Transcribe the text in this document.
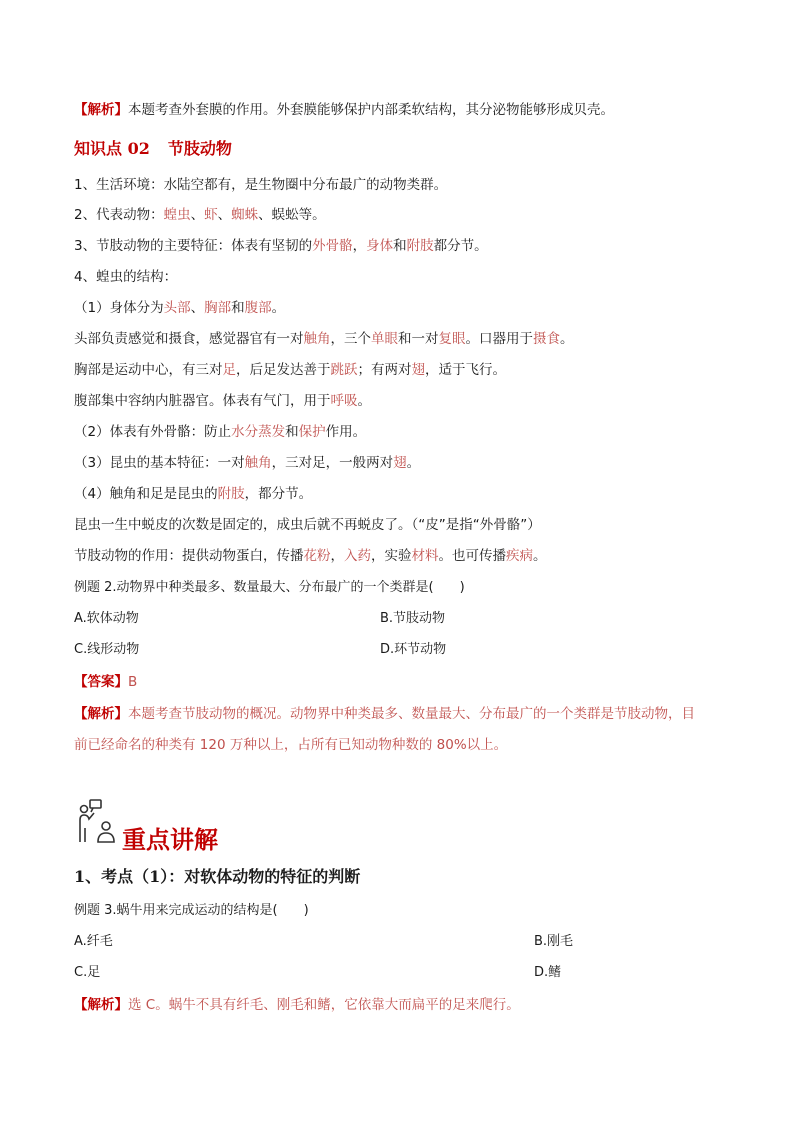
【解析】本题考查外套膜的作用。外套膜能够保护内部柔软结构，其分泌物能够形成贝壳。
知识点 02 节肢动物
1、生活环境：水陆空都有，是生物圈中分布最广的动物类群。
2、代表动物：蝗虫、虾、蜘蛛、蜈蚣等。
3、节肢动物的主要特征：体表有坚韧的外骨骼，身体和附肢都分节。
4、蝗虫的结构：
（1）身体分为头部、胸部和腹部。
头部负责感觉和摄食，感觉器官有一对触角，三个单眼和一对复眼。口器用于摄食。
胸部是运动中心，有三对足，后足发达善于跳跃；有两对翅，适于飞行。
腹部集中容纳内脏器官。体表有气门，用于呼吸。
（2）体表有外骨骼：防止水分蒸发和保护作用。
（3）昆虫的基本特征：一对触角，三对足，一般两对翅。
（4）触角和足是昆虫的附肢，都分节。
昆虫一生中蜕皮的次数是固定的，成虫后就不再蜕皮了。（“皮”是指“外骨骼”）
节肢动物的作用：提供动物蛋白，传播花粉，入药，实验材料。也可传播疾病。
例题 2.动物界中种类最多、数量最大、分布最广的一个类群是(　　)
A.软体动物	B.节肢动物
C.线形动物	D.环节动物
【答案】B
【解析】本题考查节肢动物的概况。动物界中种类最多、数量最大、分布最广的一个类群是节肢动物，目
前已经命名的种类有 120 万种以上，占所有已知动物种数的 80%以上。
重点讲解
1、考点（1）：对软体动物的特征的判断
例题 3.蜗牛用来完成运动的结构是(　　)
A.纤毛	B.刚毛
C.足	D.鳍
【解析】选 C。蜗牛不具有纤毛、刚毛和鳍，它依靠大而扁平的足来爬行。
